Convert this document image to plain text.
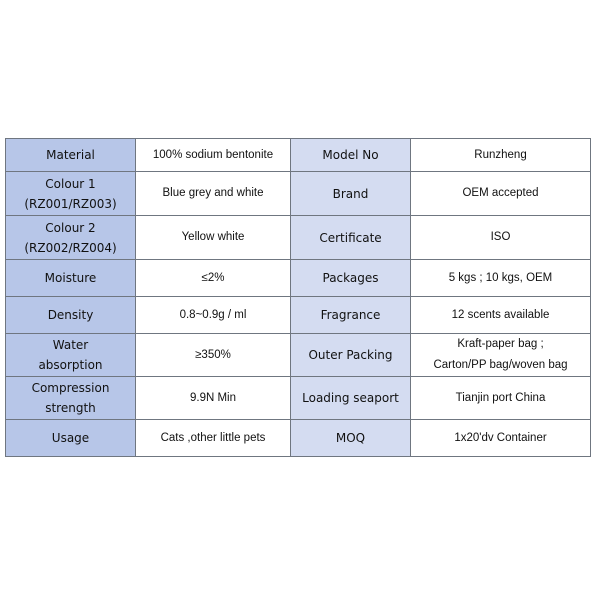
Material	100% sodium bentonite	Model No	Runzheng

Colour 1
(RZ001/RZ003)	Blue grey and white	Brand	OEM accepted

Colour 2
(RZ002/RZ004)	Yellow white	Certificate	ISO

Moisture	≤2%	Packages	5 kgs ; 10 kgs, OEM

Density	0.8~0.9g / ml	Fragrance	12 scents available

Water
absorption	≥350%	Outer Packing	Kraft-paper bag ;
Carton/PP bag/woven bag

Compression
strength	9.9N Min	Loading seaport	Tianjin port China

Usage	Cats ,other little pets	MOQ	1x20'dv Container
